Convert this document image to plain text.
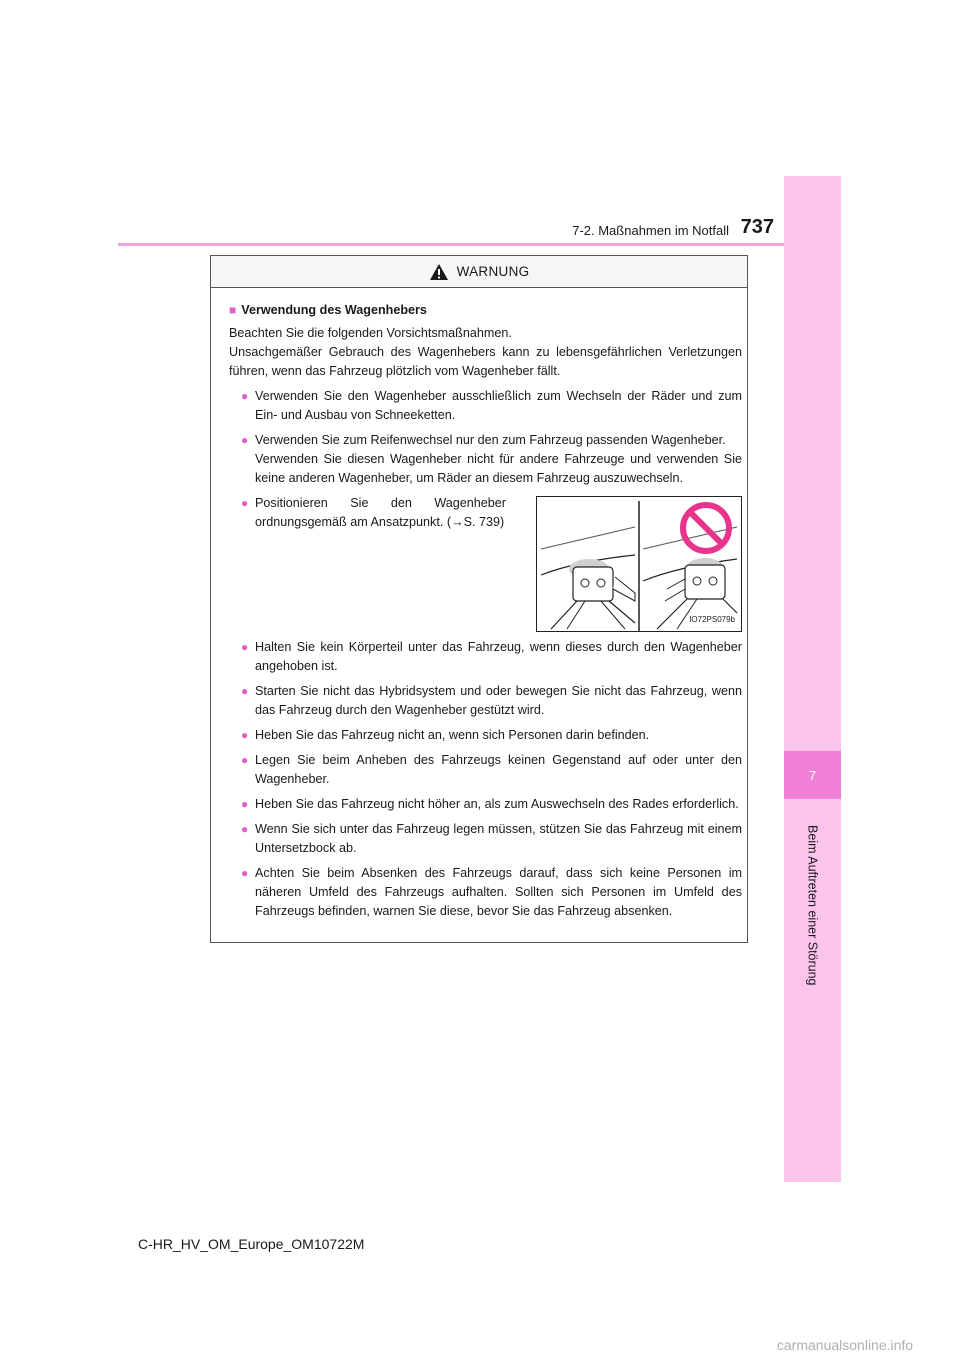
7
Beim Auftreten einer Störung
7-2. Maßnahmen im Notfall 737
WARNUNG
■ Verwendung des Wagenhebers
Beachten Sie die folgenden Vorsichtsmaßnahmen.
Unsachgemäßer Gebrauch des Wagenhebers kann zu lebensgefährlichen Verletzungen führen, wenn das Fahrzeug plötzlich vom Wagenheber fällt.
● Verwenden Sie den Wagenheber ausschließlich zum Wechseln der Räder und zum Ein- und Ausbau von Schneeketten.
● Verwenden Sie zum Reifenwechsel nur den zum Fahrzeug passenden Wagenheber.
Verwenden Sie diesen Wagenheber nicht für andere Fahrzeuge und verwenden Sie keine anderen Wagenheber, um Räder an diesem Fahrzeug auszuwechseln.
● Positionieren Sie den Wagenheber ordnungsgemäß am Ansatzpunkt. (→S. 739)
IO72PS079b
● Halten Sie kein Körperteil unter das Fahrzeug, wenn dieses durch den Wagenheber angehoben ist.
● Starten Sie nicht das Hybridsystem und oder bewegen Sie nicht das Fahrzeug, wenn das Fahrzeug durch den Wagenheber gestützt wird.
● Heben Sie das Fahrzeug nicht an, wenn sich Personen darin befinden.
● Legen Sie beim Anheben des Fahrzeugs keinen Gegenstand auf oder unter den Wagenheber.
● Heben Sie das Fahrzeug nicht höher an, als zum Auswechseln des Rades erforderlich.
● Wenn Sie sich unter das Fahrzeug legen müssen, stützen Sie das Fahrzeug mit einem Untersetzbock ab.
● Achten Sie beim Absenken des Fahrzeugs darauf, dass sich keine Personen im näheren Umfeld des Fahrzeugs aufhalten. Sollten sich Personen im Umfeld des Fahrzeugs befinden, warnen Sie diese, bevor Sie das Fahrzeug absenken.
C-HR_HV_OM_Europe_OM10722M
carmanualsonline.info
